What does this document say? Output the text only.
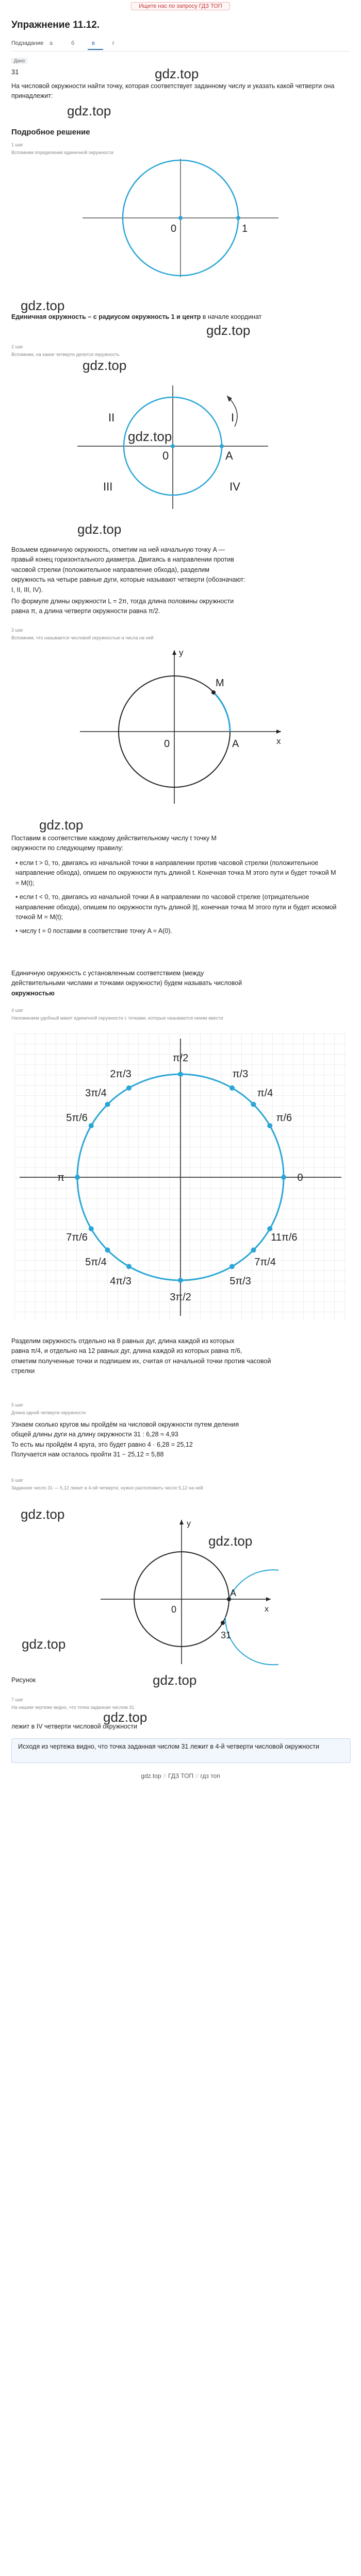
Ищите нас по запросу ГДЗ ТОП
Упражнение 11.12.
Подзадание а	б	в	г
Дано
31	gdz.top
На числовой окружности найти точку, которая соответствует заданному числу и указать какой четверти она принадлежит:
gdz.top
Подробное решение
1 шаг
Вспомним определение единичной окружности
0	1
gdz.top
Единичная окружность – с радиусом окружность 1 и центр в начале координат
gdz.top
2 шаг
Вспомним, на какие четверти делится окружность
gdz.top
I
II
III	IV
0	A
gdz.top
gdz.top
Возьмем единичную окружность, отметим на ней начальную точку A —
правый конец горизонтального диаметра. Двигаясь в направлении против
часовой стрелки (положительное направление обхода), разделим
окружность на четыре равные дуги, которые называют четверти (обозначают:
I, II, III, IV).
По формуле длины окружности L = 2π, тогда длина половины окружности
равна π, а длина четверти окружности равна π/2.
3 шаг
Вспомним, что называется числовой окружностью и числа на ней
M
0	A	x
y
gdz.top
Поставим в соответствие каждому действительному числу t точку M
окружности по следующему правилу:
• если t > 0, то, двигаясь из начальной точки в направлении против часовой стрелки (положительное направление обхода), опишем по окружности путь длиной t. Конечная точка M этого пути и будет точкой M = M(t);
• если t < 0, то, двигаясь из начальной точки A в направлении по часовой стрелке (отрицательное направление обхода), опишем по окружности путь длиной |t|, конечная точка M этого пути и будет искомой точкой M = M(t);
• числу t = 0 поставим в соответствие точку A = A(0).
Единичную окружность с установленным соответствием (между
действительными числами и точками окружности) будем называть числовой
окружностью
4 шаг
Напоминаем удобный макет единичной окружности с точками, которые называются неким ввести
π/2
π/3
π/4
π/6
0
11π/6
7π/4
5π/3
3π/2
4π/3
5π/4
7π/6
π
5π/6
3π/4
2π/3
Разделим окружность отдельно на 8 равных дуг, длина каждой из которых
равна π/4, и отдельно на 12 равных дуг, длина каждой из которых равна π/6,
отметим полученные точки и подпишем их, считая от начальной точки против часовой
стрелки
5 шаг
Длина одной четверти окружности
Узнаем сколько кругов мы пройдём на числовой окружности путем деления
общей длины дуги на длину окружности 31 : 6,28 ≈ 4,93
То есть мы пройдём 4 круга, это будет равно 4 · 6,28 = 25,12
Получается нам осталось пройти 31 − 25,12 = 5,88
6 шаг
Заданное число 31 — 5,12 лежит в 4-ой четверти, нужно расположить число 5,12 на ней
gdz.top
0
A
31
x
y
gdz.top
gdz.top
Рисунок	gdz.top
7 шаг
На нашем чертеже видно, что точка заданная числом 31
gdz.top
лежит в IV четверти числовой окружности
Исходя из чертежа видно, что точка заданная числом 31 лежит в 4-й четверти числовой окружности
gdz.top // ГДЗ ТОП // гдз топ
